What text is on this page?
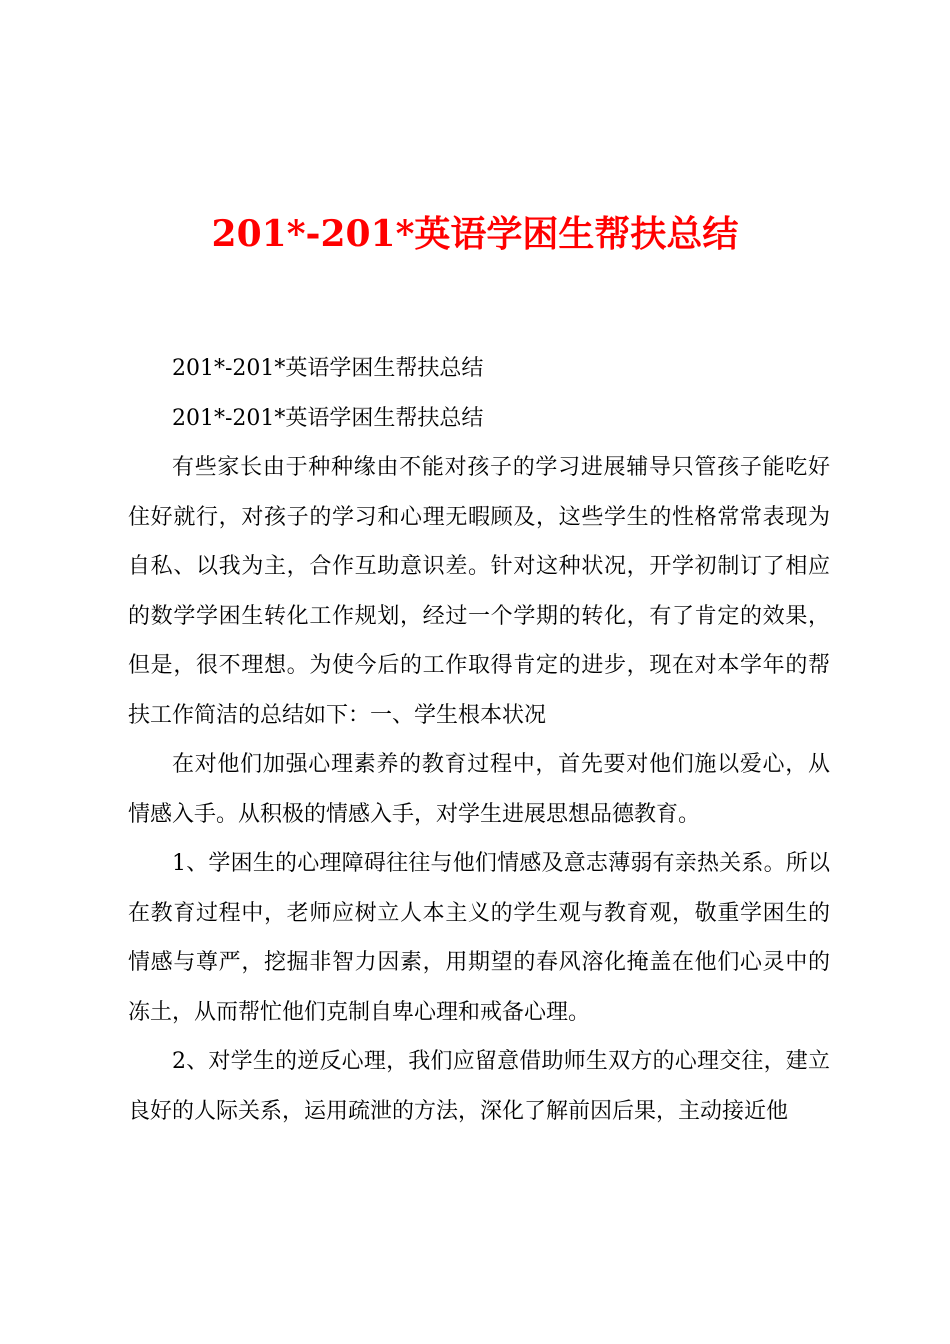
201*-201*英语学困生帮扶总结

201*-201*英语学困生帮扶总结

201*-201*英语学困生帮扶总结

有些家长由于种种缘由不能对孩子的学习进展辅导只管孩子能吃好住好就行，对孩子的学习和心理无暇顾及，这些学生的性格常常表现为自私、以我为主，合作互助意识差。针对这种状况，开学初制订了相应的数学学困生转化工作规划，经过一个学期的转化，有了肯定的效果，但是，很不理想。为使今后的工作取得肯定的进步，现在对本学年的帮扶工作简洁的总结如下：一、学生根本状况

在对他们加强心理素养的教育过程中，首先要对他们施以爱心，从情感入手。从积极的情感入手，对学生进展思想品德教育。

1、学困生的心理障碍往往与他们情感及意志薄弱有亲热关系。所以在教育过程中，老师应树立人本主义的学生观与教育观，敬重学困生的情感与尊严，挖掘非智力因素，用期望的春风溶化掩盖在他们心灵中的冻土，从而帮忙他们克制自卑心理和戒备心理。

2、对学生的逆反心理，我们应留意借助师生双方的心理交往，建立良好的人际关系，运用疏泄的方法，深化了解前因后果，主动接近他
